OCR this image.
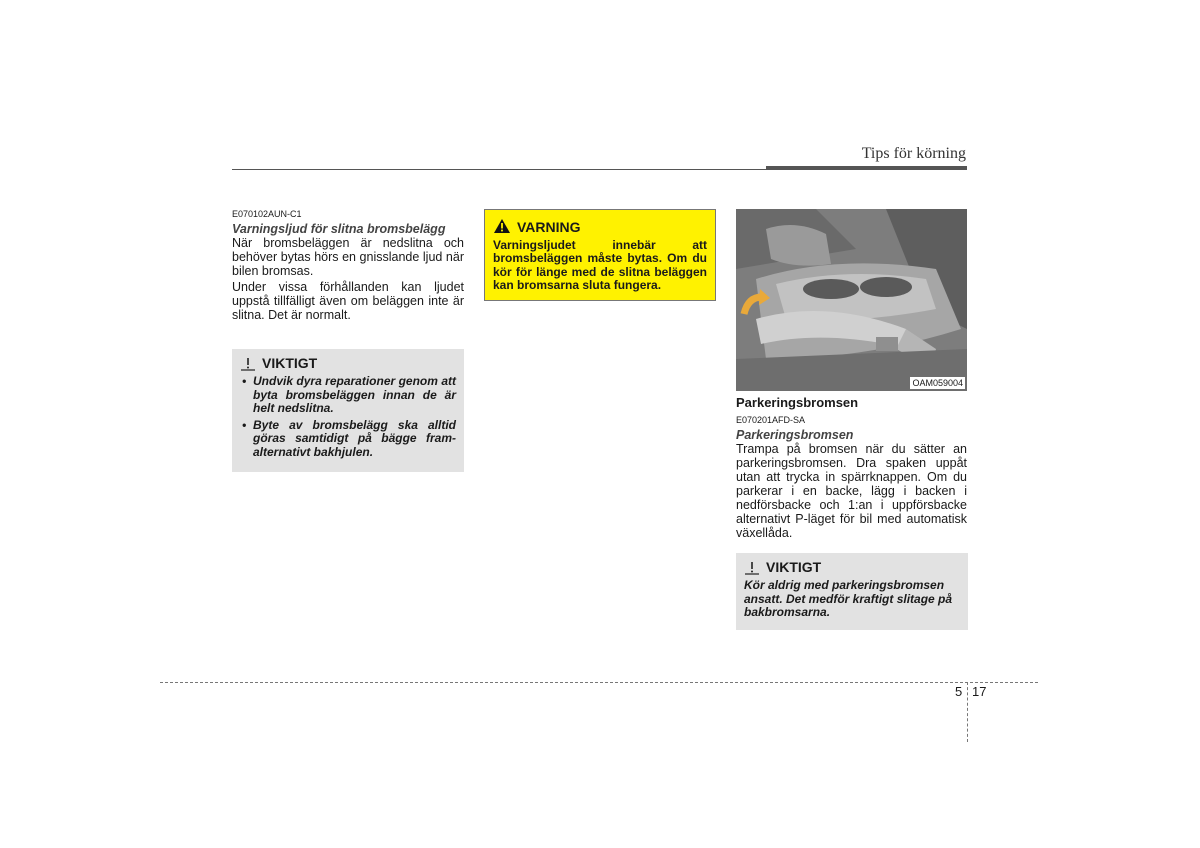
Tips för körning

E070102AUN-C1

Varningsljud för slitna bromsbelägg

När bromsbeläggen är nedslitna och behöver bytas hörs en gnisslande ljud när bilen bromsas.

Under vissa förhållanden kan ljudet uppstå tillfälligt även om beläggen inte är slitna. Det är normalt.

VIKTIGT
• Undvik dyra reparationer genom att byta bromsbeläggen innan de är helt nedslitna.
• Byte av bromsbelägg ska alltid göras samtidigt på bägge fram- alternativt bakhjulen.
VARNING
Varningsljudet innebär att bromsbeläggen måste bytas. Om du kör för länge med de slitna beläggen kan bromsarna sluta fungera.
OAM059004

Parkeringsbromsen

E070201AFD-SA

Parkeringsbromsen

Trampa på bromsen när du sätter an parkeringsbromsen. Dra spaken uppåt utan att trycka in spärrknappen. Om du parkerar i en backe, lägg i backen i nedförsbacke och 1:an i uppförsbacke alternativt P-läget för bil med automatisk växellåda.

VIKTIGT
Kör aldrig med parkeringsbromsen ansatt. Det medför kraftigt slitage på bakbromsarna.
5 17
